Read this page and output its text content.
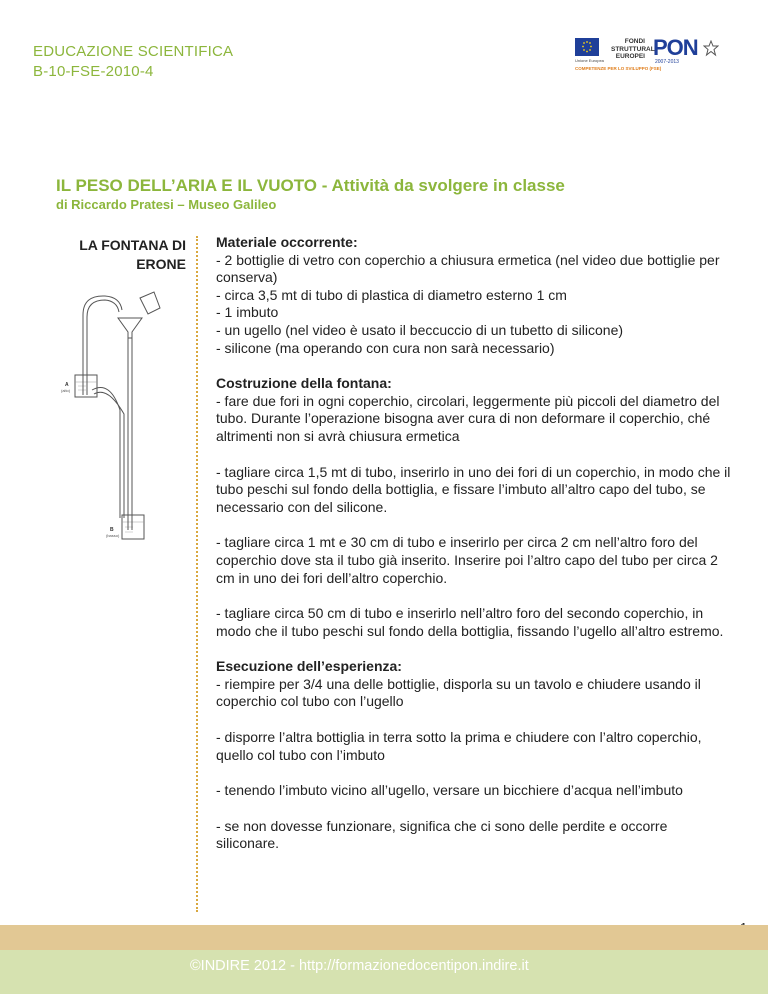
EDUCAZIONE SCIENTIFICA
B-10-FSE-2010-4
Unione Europea
FONDI
STRUTTURALI
EUROPEI PON
2007-2013
COMPETENZE PER LO SVILUPPO (FSE)
IL PESO DELL’ARIA E IL VUOTO - Attività da svolgere in classe
di Riccardo Pratesi – Museo Galileo
LA FONTANA DI
ERONE
A
(alto)
B
(basso)

Materiale occorrente:

- 2 bottiglie di vetro con coperchio a chiusura ermetica (nel video due bottiglie per conserva)

- circa 3,5 mt di tubo di plastica di diametro esterno 1 cm

- 1 imbuto

- un ugello (nel video è usato il beccuccio di un tubetto di silicone)

- silicone (ma operando con cura non sarà necessario)

Costruzione della fontana:

- fare due fori in ogni coperchio, circolari, leggermente più piccoli del diametro del tubo. Durante l’operazione bisogna aver cura di non deformare il coperchio, ché altrimenti non si avrà chiusura ermetica

- tagliare circa 1,5 mt di tubo, inserirlo in uno dei fori di un coperchio, in modo che il tubo peschi sul fondo della bottiglia, e fissare l’imbuto all’altro capo del tubo, se necessario con del silicone.

- tagliare circa 1 mt e 30 cm di tubo e inserirlo per circa 2 cm nell’altro foro del coperchio dove sta il tubo già inserito. Inserire poi l’altro capo del tubo per circa 2 cm in uno dei fori dell’altro coperchio.

- tagliare circa 50 cm di tubo e inserirlo nell’altro foro del secondo coperchio, in modo che il tubo peschi sul fondo della bottiglia, fissando l’ugello all’altro estremo.

Esecuzione dell’esperienza:

- riempire per 3/4 una delle bottiglie, disporla su un tavolo e chiudere usando il coperchio col tubo con l’ugello

- disporre l’altra bottiglia in terra sotto la prima e chiudere con l’altro coperchio, quello col tubo con l’imbuto

- tenendo l’imbuto vicino all’ugello, versare un bicchiere d’acqua nell’imbuto

- se non dovesse funzionare, significa che ci sono delle perdite e occorre siliconare.

©INDIRE 2012 - http://formazionedocentipon.indire.it
